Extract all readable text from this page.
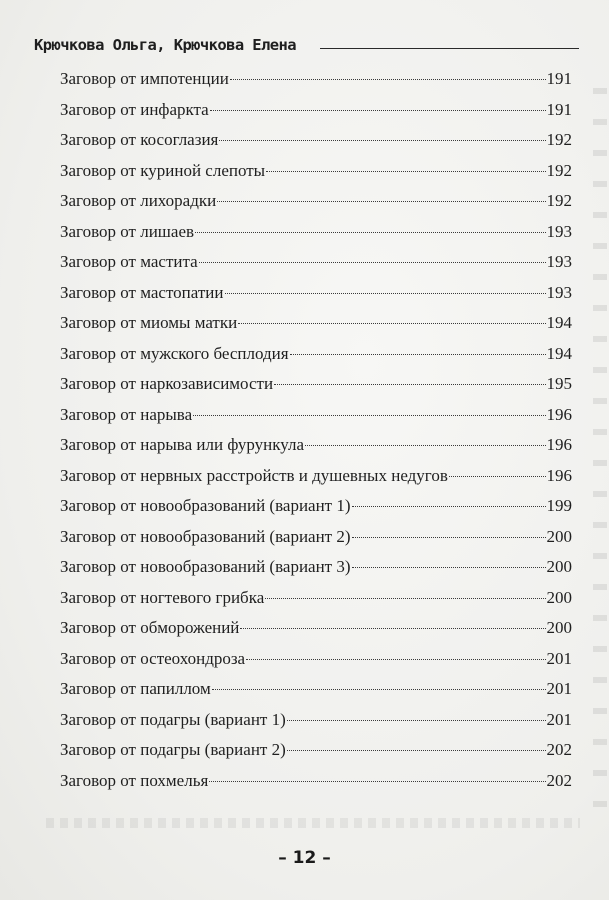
Крючкова Ольга, Крючкова Елена
Заговор от импотенции	191
Заговор от инфаркта	191
Заговор от косоглазия	192
Заговор от куриной слепоты	192
Заговор от лихорадки	192
Заговор от лишаев	193
Заговор от мастита	193
Заговор от мастопатии	193
Заговор от миомы матки	194
Заговор от мужского бесплодия	194
Заговор от наркозависимости	195
Заговор от нарыва	196
Заговор от нарыва или фурункула	196
Заговор от нервных расстройств и душевных недугов	196
Заговор от новообразований (вариант 1)	199
Заговор от новообразований (вариант 2)	200
Заговор от новообразований (вариант 3)	200
Заговор от ногтевого грибка	200
Заговор от обморожений	200
Заговор от остеохондроза	201
Заговор от папиллом	201
Заговор от подагры (вариант 1)	201
Заговор от подагры (вариант 2)	202
Заговор от похмелья	202
– 12 –
